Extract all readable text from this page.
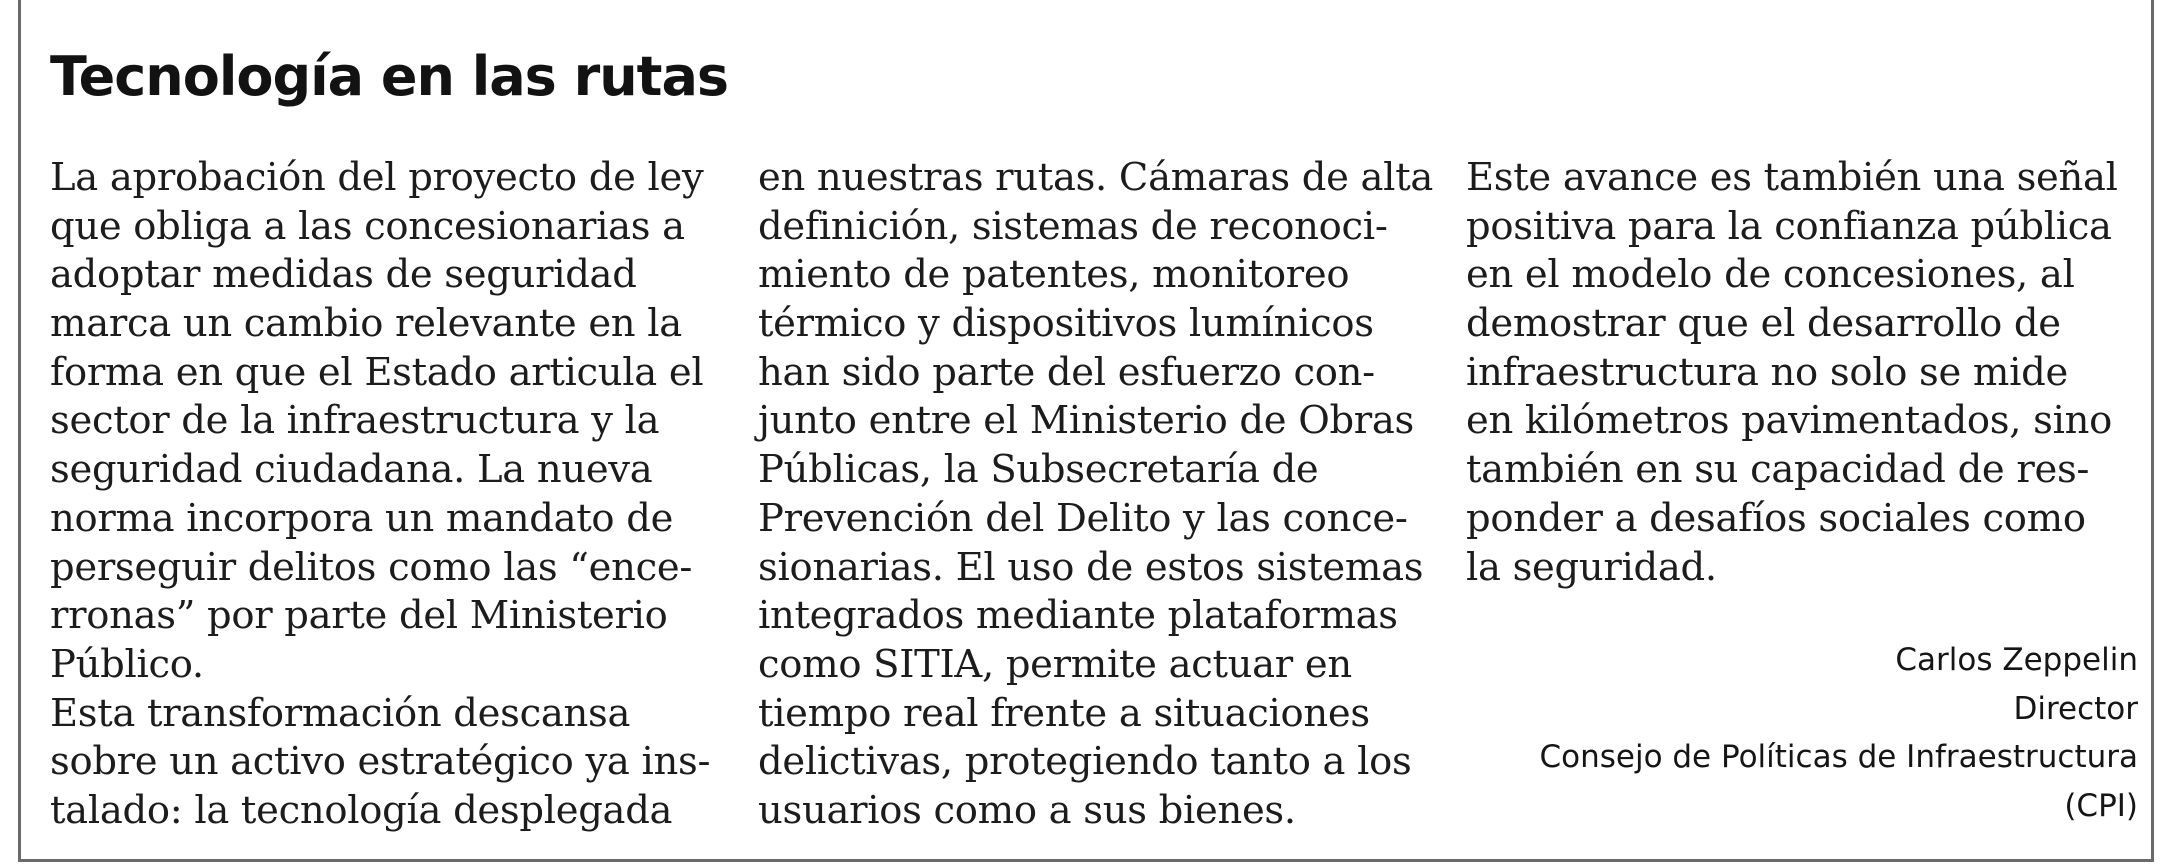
Tecnología en las rutas
La aprobación del proyecto de ley
que obliga a las concesionarias a
adoptar medidas de seguridad
marca un cambio relevante en la
forma en que el Estado articula el
sector de la infraestructura y la
seguridad ciudadana. La nueva
norma incorpora un mandato de
perseguir delitos como las “ence-
rronas” por parte del Ministerio
Público.
Esta transformación descansa
sobre un activo estratégico ya ins-
talado: la tecnología desplegada
en nuestras rutas. Cámaras de alta
definición, sistemas de reconoci-
miento de patentes, monitoreo
térmico y dispositivos lumínicos
han sido parte del esfuerzo con-
junto entre el Ministerio de Obras
Públicas, la Subsecretaría de
Prevención del Delito y las conce-
sionarias. El uso de estos sistemas
integrados mediante plataformas
como SITIA, permite actuar en
tiempo real frente a situaciones
delictivas, protegiendo tanto a los
usuarios como a sus bienes.
Este avance es también una señal
positiva para la confianza pública
en el modelo de concesiones, al
demostrar que el desarrollo de
infraestructura no solo se mide
en kilómetros pavimentados, sino
también en su capacidad de res-
ponder a desafíos sociales como
la seguridad.
Carlos Zeppelin
Director
Consejo de Políticas de Infraestructura
(CPI)
